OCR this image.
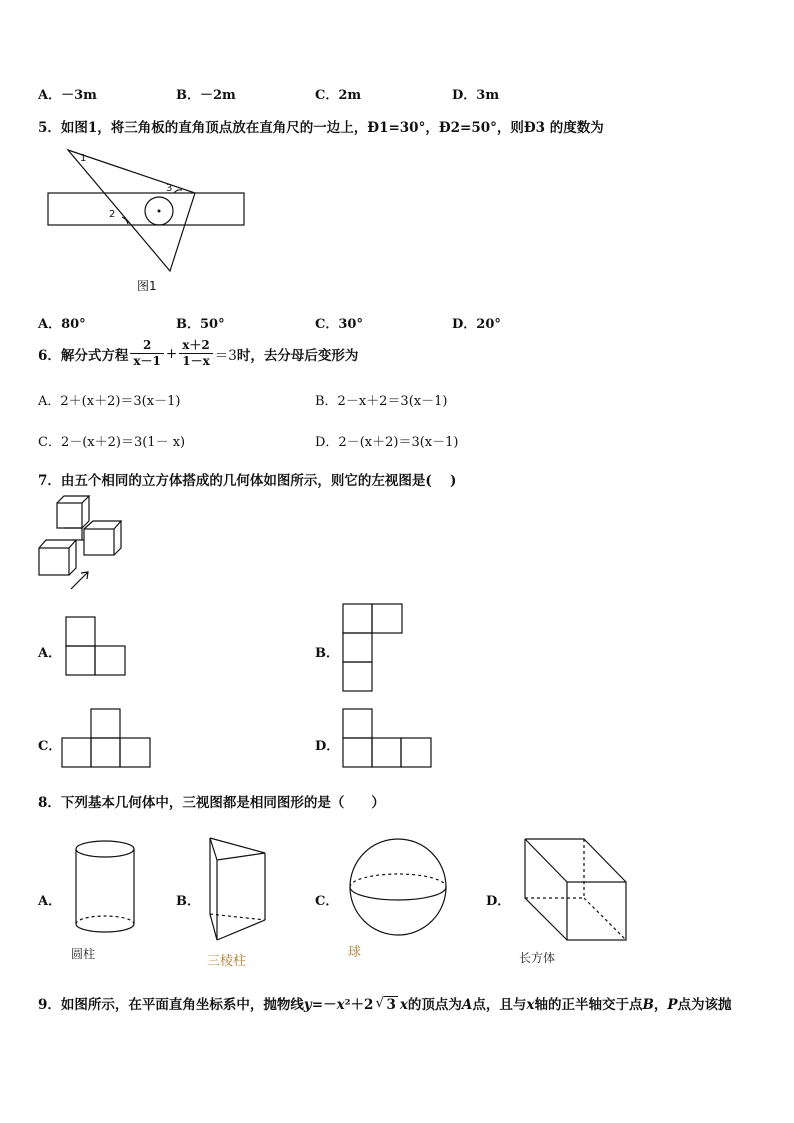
A．－3m	B．－2m	C．2m	D．3m
5．如图1，将三角板的直角顶点放在直角尺的一边上，Ð1=30°，Ð2=50°，则Ð3 的度数为
1
2
3
图1
A．80°	B．50°	C．30°	D．20°
6．解分式方程 $\frac{2}{x-1} + \frac{x+2}{1-x} =3$ 时，去分母后变形为
A．2＋(x＋2)＝3(x－1)	B．2－x＋2＝3(x－1)
C．2－(x＋2)＝3(1－ x)	D．2－(x＋2)＝3(x－1)
7．由五个相同的立方体搭成的几何体如图所示，则它的左视图是(　 )
A．	B．
C．	D．
8．下列基本几何体中，三视图都是相同图形的是（　　）
A．	B．	C．	D．
圆柱	三棱柱
球	长方体
9．如图所示，在平面直角坐标系中，抛物线 y =－ x ²＋2 √ 3 x 的顶点为 A 点，且与 x 轴的正半轴交于点 B ， P 点为该抛
